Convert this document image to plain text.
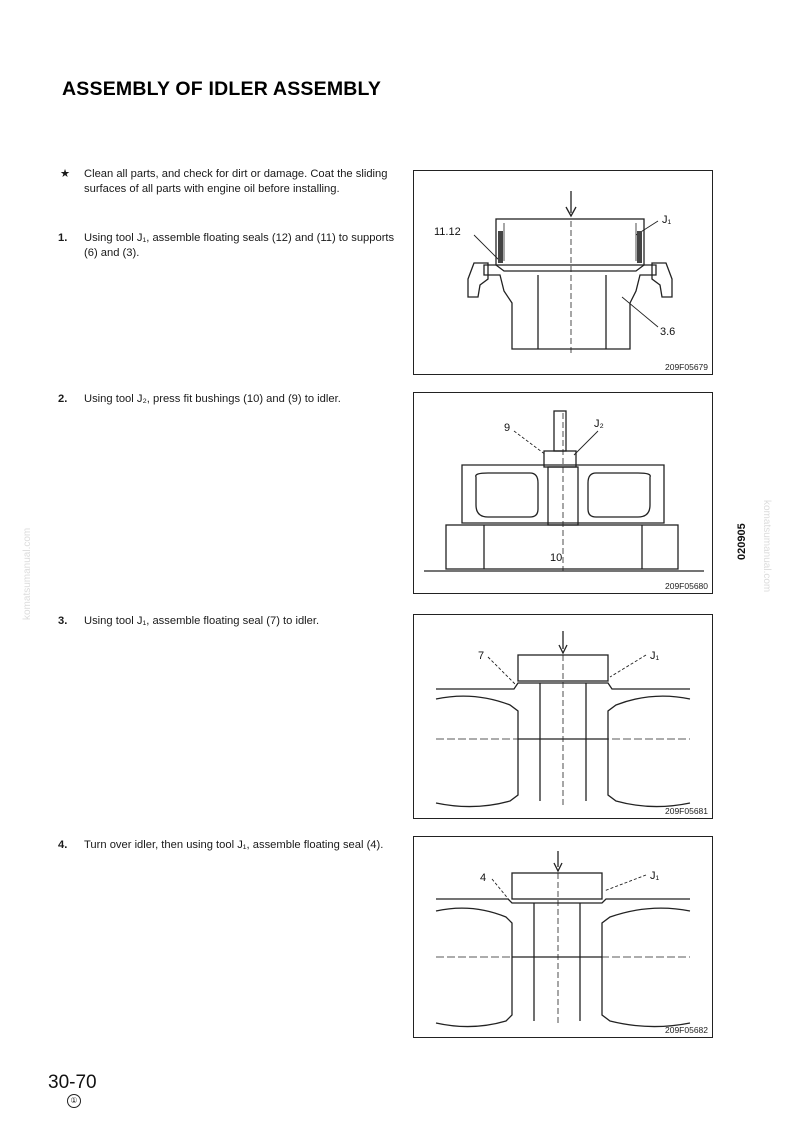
ASSEMBLY OF IDLER ASSEMBLY
★ Clean all parts, and check for dirt or damage. Coat the sliding surfaces of all parts with engine oil before installing.
1. Using tool J₁, assemble floating seals (12) and (11) to supports (6) and (3).
2. Using tool J₂, press fit bushings (10) and (9) to idler.
3. Using tool J₁, assemble floating seal (7) to idler.
4. Turn over idler, then using tool J₁, assemble floating seal (4).
11.12
J₁
3.6
209F05679
9	J₂
10
209F05680
7	J₁
209F05681
4	J₁
209F05682
30-70
①
020905
komatsumanual.com	komatsumanual.com
